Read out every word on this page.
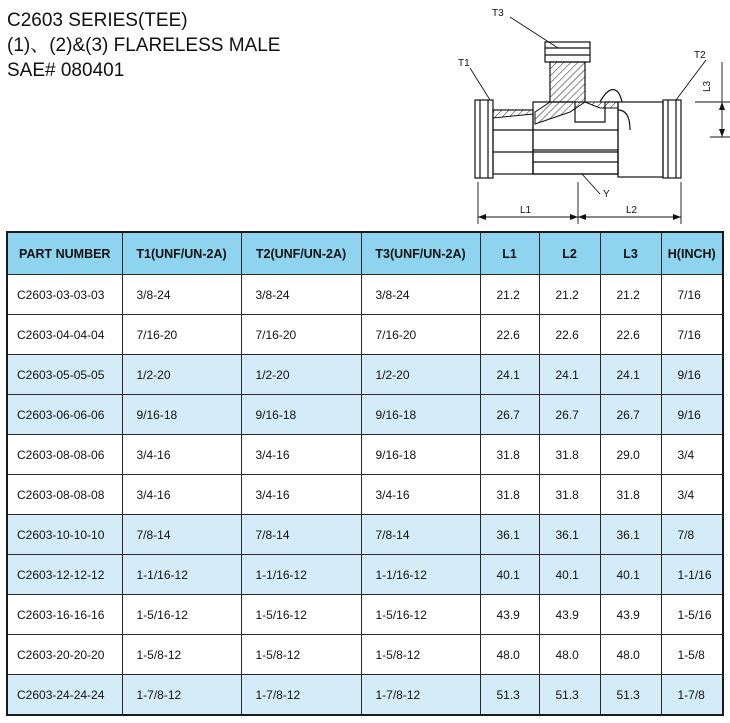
C2603 SERIES(TEE)
(1)、(2)&(3) FLARELESS MALE
SAE# 080401
T3
T1
T2
L3
Y
L1	L2
PART NUMBER	T1(UNF/UN-2A)	T2(UNF/UN-2A)	T3(UNF/UN-2A)	L1	L2	L3	H(INCH)
C2603-03-03-03	3/8-24	3/8-24	3/8-24	21.2	21.2	21.2	7/16
C2603-04-04-04	7/16-20	7/16-20	7/16-20	22.6	22.6	22.6	7/16
C2603-05-05-05	1/2-20	1/2-20	1/2-20	24.1	24.1	24.1	9/16
C2603-06-06-06	9/16-18	9/16-18	9/16-18	26.7	26.7	26.7	9/16
C2603-08-08-06	3/4-16	3/4-16	9/16-18	31.8	31.8	29.0	3/4
C2603-08-08-08	3/4-16	3/4-16	3/4-16	31.8	31.8	31.8	3/4
C2603-10-10-10	7/8-14	7/8-14	7/8-14	36.1	36.1	36.1	7/8
C2603-12-12-12	1-1/16-12	1-1/16-12	1-1/16-12	40.1	40.1	40.1	1-1/16
C2603-16-16-16	1-5/16-12	1-5/16-12	1-5/16-12	43.9	43.9	43.9	1-5/16
C2603-20-20-20	1-5/8-12	1-5/8-12	1-5/8-12	48.0	48.0	48.0	1-5/8
C2603-24-24-24	1-7/8-12	1-7/8-12	1-7/8-12	51.3	51.3	51.3	1-7/8
